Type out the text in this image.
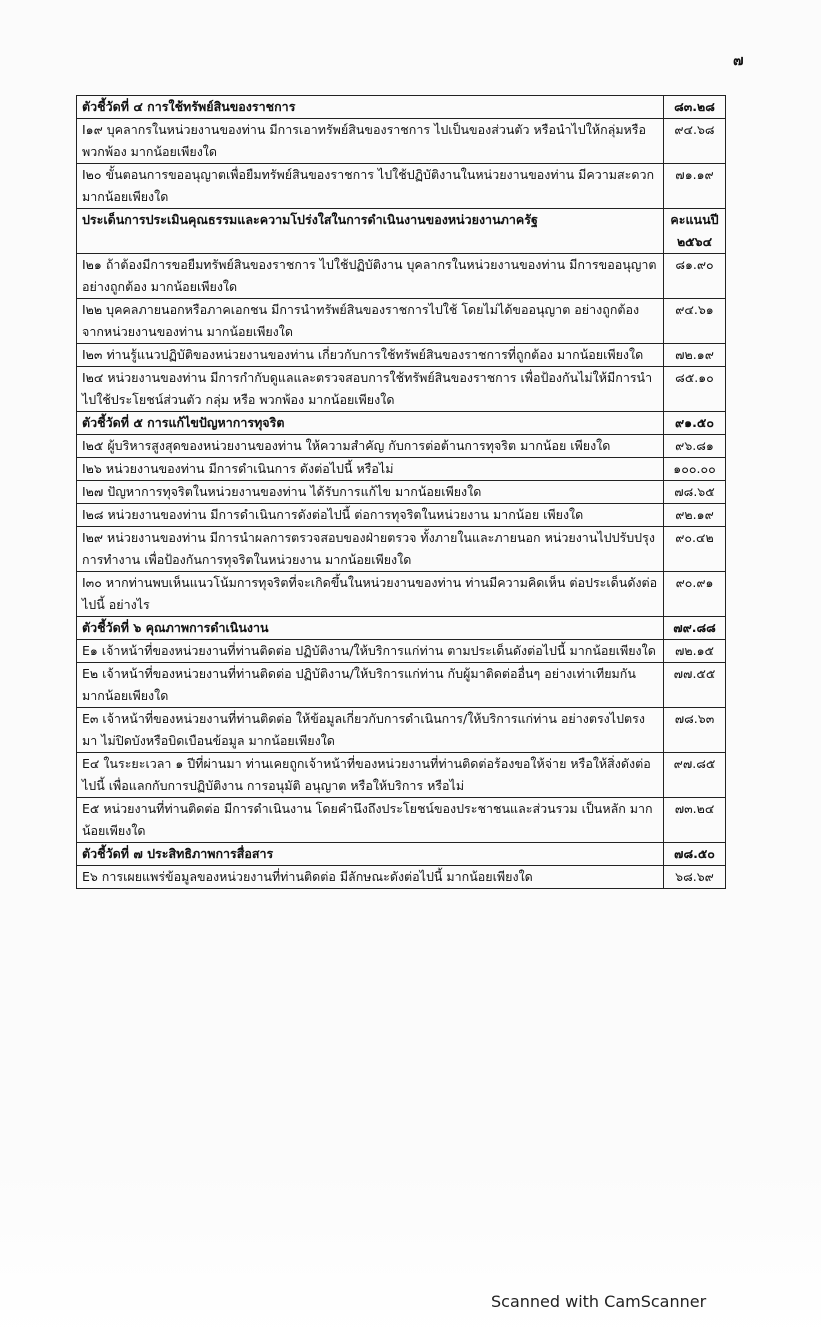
๗
ตัวชี้วัดที่ ๔ การใช้ทรัพย์สินของราชการ	๘๓.๒๘
I๑๙ บุคลากรในหน่วยงานของท่าน มีการเอาทรัพย์สินของราชการ ไปเป็นของส่วนตัว หรือนำไปให้กลุ่มหรือพวกพ้อง มากน้อยเพียงใด	๙๔.๖๘
I๒๐ ขั้นตอนการขออนุญาตเพื่อยืมทรัพย์สินของราชการ ไปใช้ปฏิบัติงานในหน่วยงานของท่าน มีความสะดวกมากน้อยเพียงใด	๗๑.๑๙
ประเด็นการประเมินคุณธรรมและความโปร่งใสในการดำเนินงานของหน่วยงานภาครัฐ	คะแนนปี ๒๕๖๔
I๒๑ ถ้าต้องมีการขอยืมทรัพย์สินของราชการ ไปใช้ปฏิบัติงาน บุคลากรในหน่วยงานของท่าน มีการขออนุญาตอย่างถูกต้อง มากน้อยเพียงใด	๘๑.๙๐
I๒๒ บุคคลภายนอกหรือภาคเอกชน มีการนำทรัพย์สินของราชการไปใช้ โดยไม่ได้ขออนุญาต อย่างถูกต้อง จากหน่วยงานของท่าน มากน้อยเพียงใด	๙๔.๖๑
I๒๓ ท่านรู้แนวปฏิบัติของหน่วยงานของท่าน เกี่ยวกับการใช้ทรัพย์สินของราชการที่ถูกต้อง มากน้อยเพียงใด	๗๒.๑๙
I๒๔ หน่วยงานของท่าน มีการกำกับดูแลและตรวจสอบการใช้ทรัพย์สินของราชการ เพื่อป้องกันไม่ให้มีการนำไปใช้ประโยชน์ส่วนตัว กลุ่ม หรือ พวกพ้อง มากน้อยเพียงใด	๘๕.๑๐
ตัวชี้วัดที่ ๕ การแก้ไขปัญหาการทุจริต	๙๑.๕๐
I๒๕ ผู้บริหารสูงสุดของหน่วยงานของท่าน ให้ความสำคัญ กับการต่อต้านการทุจริต มากน้อย เพียงใด	๙๖.๘๑
I๒๖ หน่วยงานของท่าน มีการดำเนินการ ดังต่อไปนี้ หรือไม่	๑๐๐.๐๐
I๒๗ ปัญหาการทุจริตในหน่วยงานของท่าน ได้รับการแก้ไข มากน้อยเพียงใด	๗๘.๖๕
I๒๘ หน่วยงานของท่าน มีการดำเนินการดังต่อไปนี้ ต่อการทุจริตในหน่วยงาน มากน้อย เพียงใด	๙๒.๑๙
I๒๙ หน่วยงานของท่าน มีการนำผลการตรวจสอบของฝ่ายตรวจ ทั้งภายในและภายนอก หน่วยงานไปปรับปรุงการทำงาน เพื่อป้องกันการทุจริตในหน่วยงาน มากน้อยเพียงใด	๙๐.๔๒
I๓๐ หากท่านพบเห็นแนวโน้มการทุจริตที่จะเกิดขึ้นในหน่วยงานของท่าน ท่านมีความคิดเห็น ต่อประเด็นดังต่อไปนี้ อย่างไร	๙๐.๙๑
ตัวชี้วัดที่ ๖ คุณภาพการดำเนินงาน	๗๙.๘๘
E๑ เจ้าหน้าที่ของหน่วยงานที่ท่านติดต่อ ปฏิบัติงาน/ให้บริการแก่ท่าน ตามประเด็นดังต่อไปนี้ มากน้อยเพียงใด	๗๒.๑๕
E๒ เจ้าหน้าที่ของหน่วยงานที่ท่านติดต่อ ปฏิบัติงาน/ให้บริการแก่ท่าน กับผู้มาติดต่ออื่นๆ อย่างเท่าเทียมกันมากน้อยเพียงใด	๗๗.๕๕
E๓ เจ้าหน้าที่ของหน่วยงานที่ท่านติดต่อ ให้ข้อมูลเกี่ยวกับการดำเนินการ/ให้บริการแก่ท่าน อย่างตรงไปตรงมา ไม่ปิดบังหรือบิดเบือนข้อมูล มากน้อยเพียงใด	๗๘.๖๓
E๔ ในระยะเวลา ๑ ปีที่ผ่านมา ท่านเคยถูกเจ้าหน้าที่ของหน่วยงานที่ท่านติดต่อร้องขอให้จ่าย หรือให้สิ่งดังต่อไปนี้ เพื่อแลกกับการปฏิบัติงาน การอนุมัติ อนุญาต หรือให้บริการ หรือไม่	๙๗.๘๕
E๕ หน่วยงานที่ท่านติดต่อ มีการดำเนินงาน โดยคำนึงถึงประโยชน์ของประชาชนและส่วนรวม เป็นหลัก มากน้อยเพียงใด	๗๓.๒๔
ตัวชี้วัดที่ ๗ ประสิทธิภาพการสื่อสาร	๗๘.๕๐
E๖ การเผยแพร่ข้อมูลของหน่วยงานที่ท่านติดต่อ มีลักษณะดังต่อไปนี้ มากน้อยเพียงใด	๖๘.๖๙
Scanned with CamScanner
